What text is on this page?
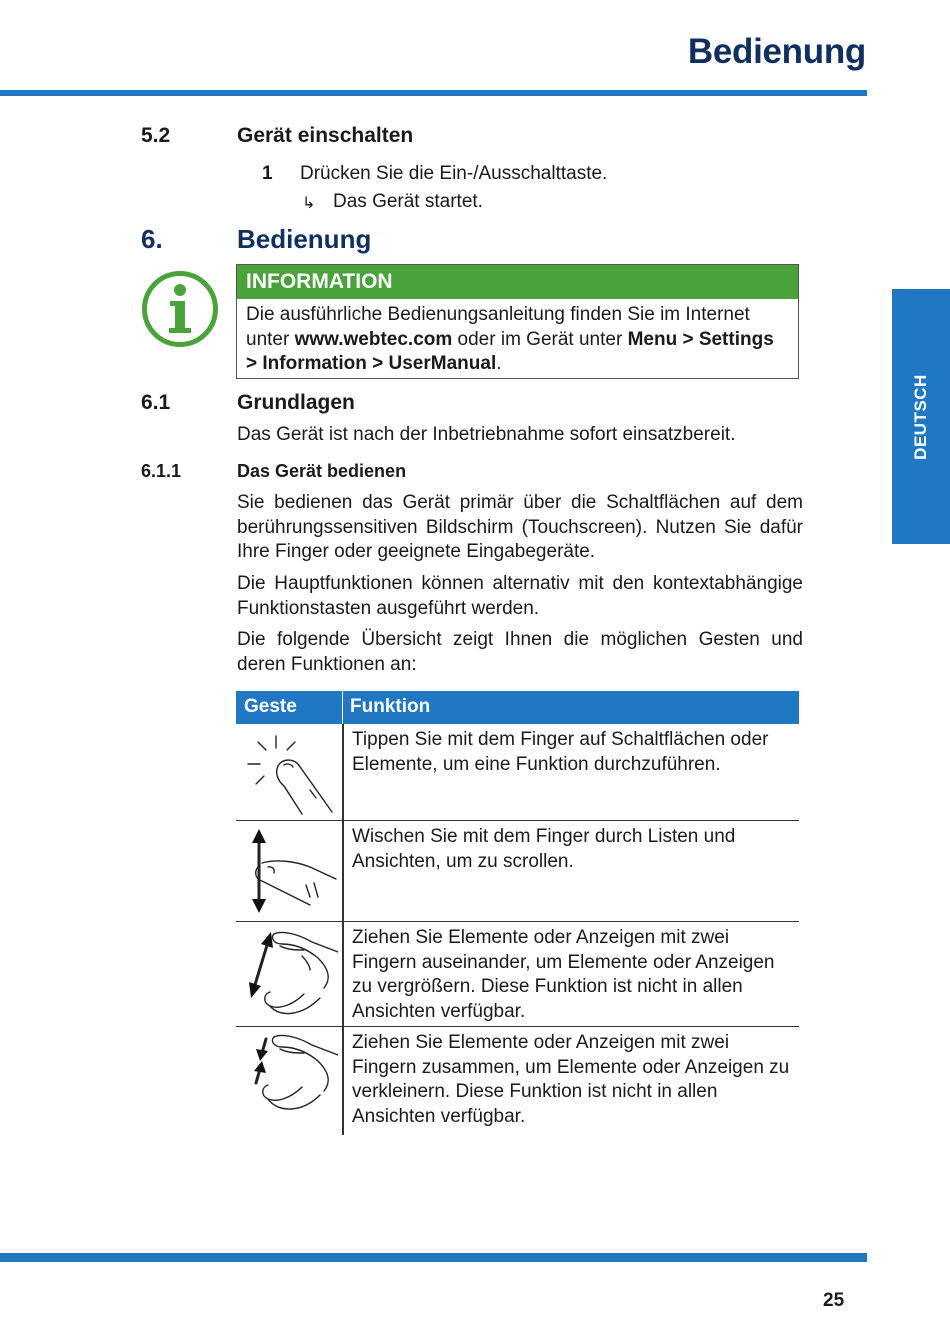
Bedienung
DEUTSCH
5.2	Gerät einschalten
1 Drücken Sie die Ein-/Ausschalttaste.
↳ Das Gerät startet.
6.	Bedienung
INFORMATION
Die ausführliche Bedienungsanleitung finden Sie im Internet unter www.webtec.com oder im Gerät unter Menu > Settings > Information > UserManual.
6.1	Grundlagen
Das Gerät ist nach der Inbetriebnahme sofort einsatzbereit.
6.1.1	Das Gerät bedienen
Sie bedienen das Gerät primär über die Schaltflächen auf dem berührungssensitiven Bildschirm (Touchscreen). Nutzen Sie dafür Ihre Finger oder geeignete Eingabegeräte.
Die Hauptfunktionen können alternativ mit den kontextabhängige Funktionstasten ausgeführt werden.
Die folgende Übersicht zeigt Ihnen die möglichen Gesten und deren Funktionen an:
Geste	Funktion
Tippen Sie mit dem Finger auf Schaltflächen oder Elemente, um eine Funktion durchzuführen.
Wischen Sie mit dem Finger durch Listen und Ansichten, um zu scrollen.
Ziehen Sie Elemente oder Anzeigen mit zwei Fingern auseinander, um Elemente oder Anzeigen zu vergrößern. Diese Funktion ist nicht in allen Ansichten verfügbar.
Ziehen Sie Elemente oder Anzeigen mit zwei Fingern zusammen, um Elemente oder Anzeigen zu verkleinern. Diese Funktion ist nicht in allen Ansichten verfügbar.
25
